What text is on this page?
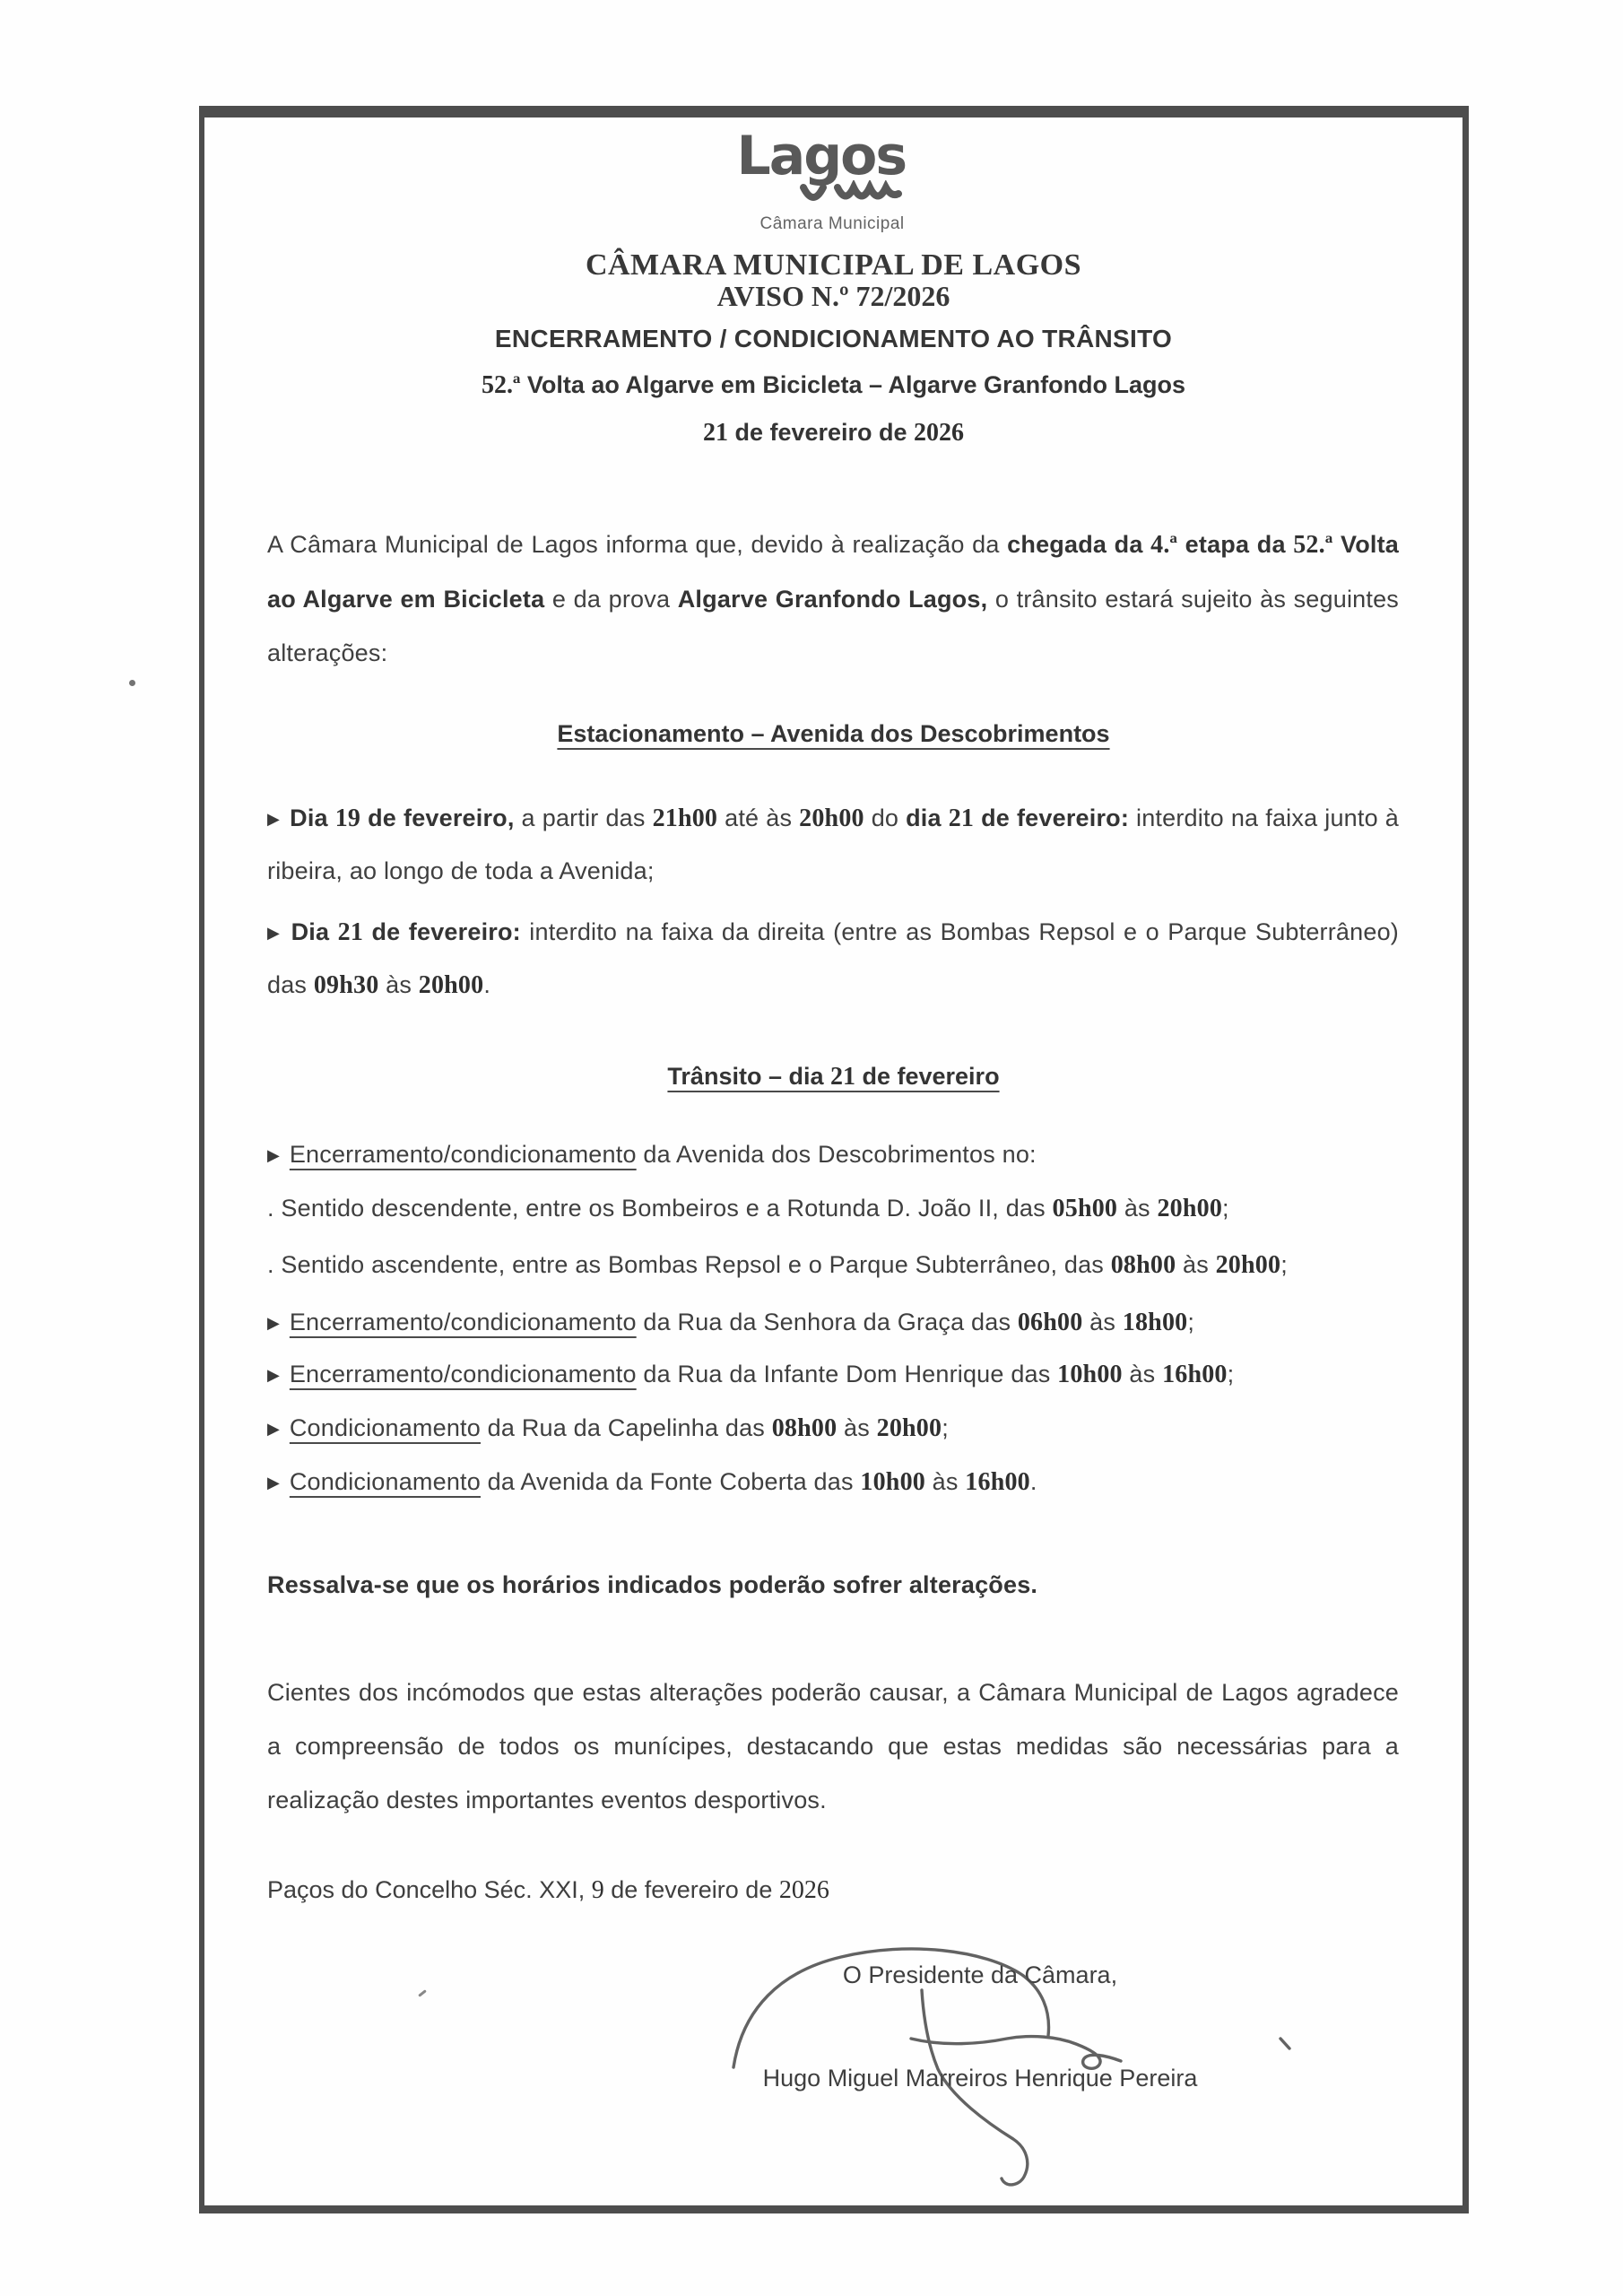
Lagos
Câmara Municipal
CÂMARA MUNICIPAL DE LAGOS
AVISO N.º 72/2026
ENCERRAMENTO / CONDICIONAMENTO AO TRÂNSITO
52.ª Volta ao Algarve em Bicicleta – Algarve Granfondo Lagos
21 de fevereiro de 2026
A Câmara Municipal de Lagos informa que, devido à realização da chegada da 4.ª etapa da 52.ª Volta ao Algarve em Bicicleta e da prova Algarve Granfondo Lagos, o trânsito estará sujeito às seguintes alterações:
Estacionamento – Avenida dos Descobrimentos
▶ Dia 19 de fevereiro, a partir das 21h00 até às 20h00 do dia 21 de fevereiro: interdito na faixa junto à ribeira, ao longo de toda a Avenida;
▶ Dia 21 de fevereiro: interdito na faixa da direita (entre as Bombas Repsol e o Parque Subterrâneo) das 09h30 às 20h00.
Trânsito – dia 21 de fevereiro
▶ Encerramento/condicionamento da Avenida dos Descobrimentos no:
. Sentido descendente, entre os Bombeiros e a Rotunda D. João II, das 05h00 às 20h00;
. Sentido ascendente, entre as Bombas Repsol e o Parque Subterrâneo, das 08h00 às 20h00;
▶ Encerramento/condicionamento da Rua da Senhora da Graça das 06h00 às 18h00;
▶ Encerramento/condicionamento da Rua da Infante Dom Henrique das 10h00 às 16h00;
▶ Condicionamento da Rua da Capelinha das 08h00 às 20h00;
▶ Condicionamento da Avenida da Fonte Coberta das 10h00 às 16h00.
Ressalva-se que os horários indicados poderão sofrer alterações.
Cientes dos incómodos que estas alterações poderão causar, a Câmara Municipal de Lagos agradece a compreensão de todos os munícipes, destacando que estas medidas são necessárias para a realização destes importantes eventos desportivos.
Paços do Concelho Séc. XXI, 9 de fevereiro de 2026
O Presidente da Câmara,
Hugo Miguel Marreiros Henrique Pereira
